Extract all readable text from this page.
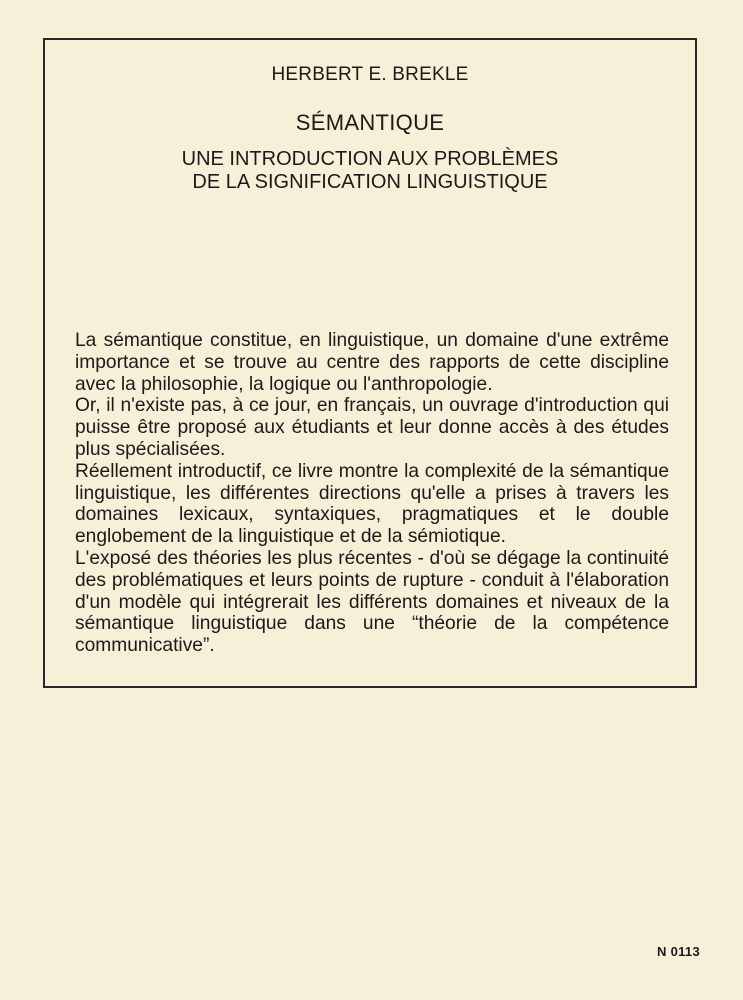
HERBERT E. BREKLE
SÉMANTIQUE
UNE INTRODUCTION AUX PROBLÈMES
DE LA SIGNIFICATION LINGUISTIQUE

La sémantique constitue, en linguistique, un domaine d'une extrême importance et se trouve au centre des rapports de cette discipline avec la philosophie, la logique ou l'anthropologie.

Or, il n'existe pas, à ce jour, en français, un ouvrage d'introduction qui puisse être proposé aux étudiants et leur donne accès à des études plus spécialisées.

Réellement introductif, ce livre montre la complexité de la sémantique linguistique, les différentes directions qu'elle a prises à travers les domaines lexicaux, syntaxiques, pragmatiques et le double englobement de la linguistique et de la sémiotique.

L'exposé des théories les plus récentes - d'où se dégage la continuité des problématiques et leurs points de rupture - conduit à l'élaboration d'un modèle qui intégrerait les différents domaines et niveaux de la sémantique linguistique dans une “théorie de la compétence communicative”.

N 0113
